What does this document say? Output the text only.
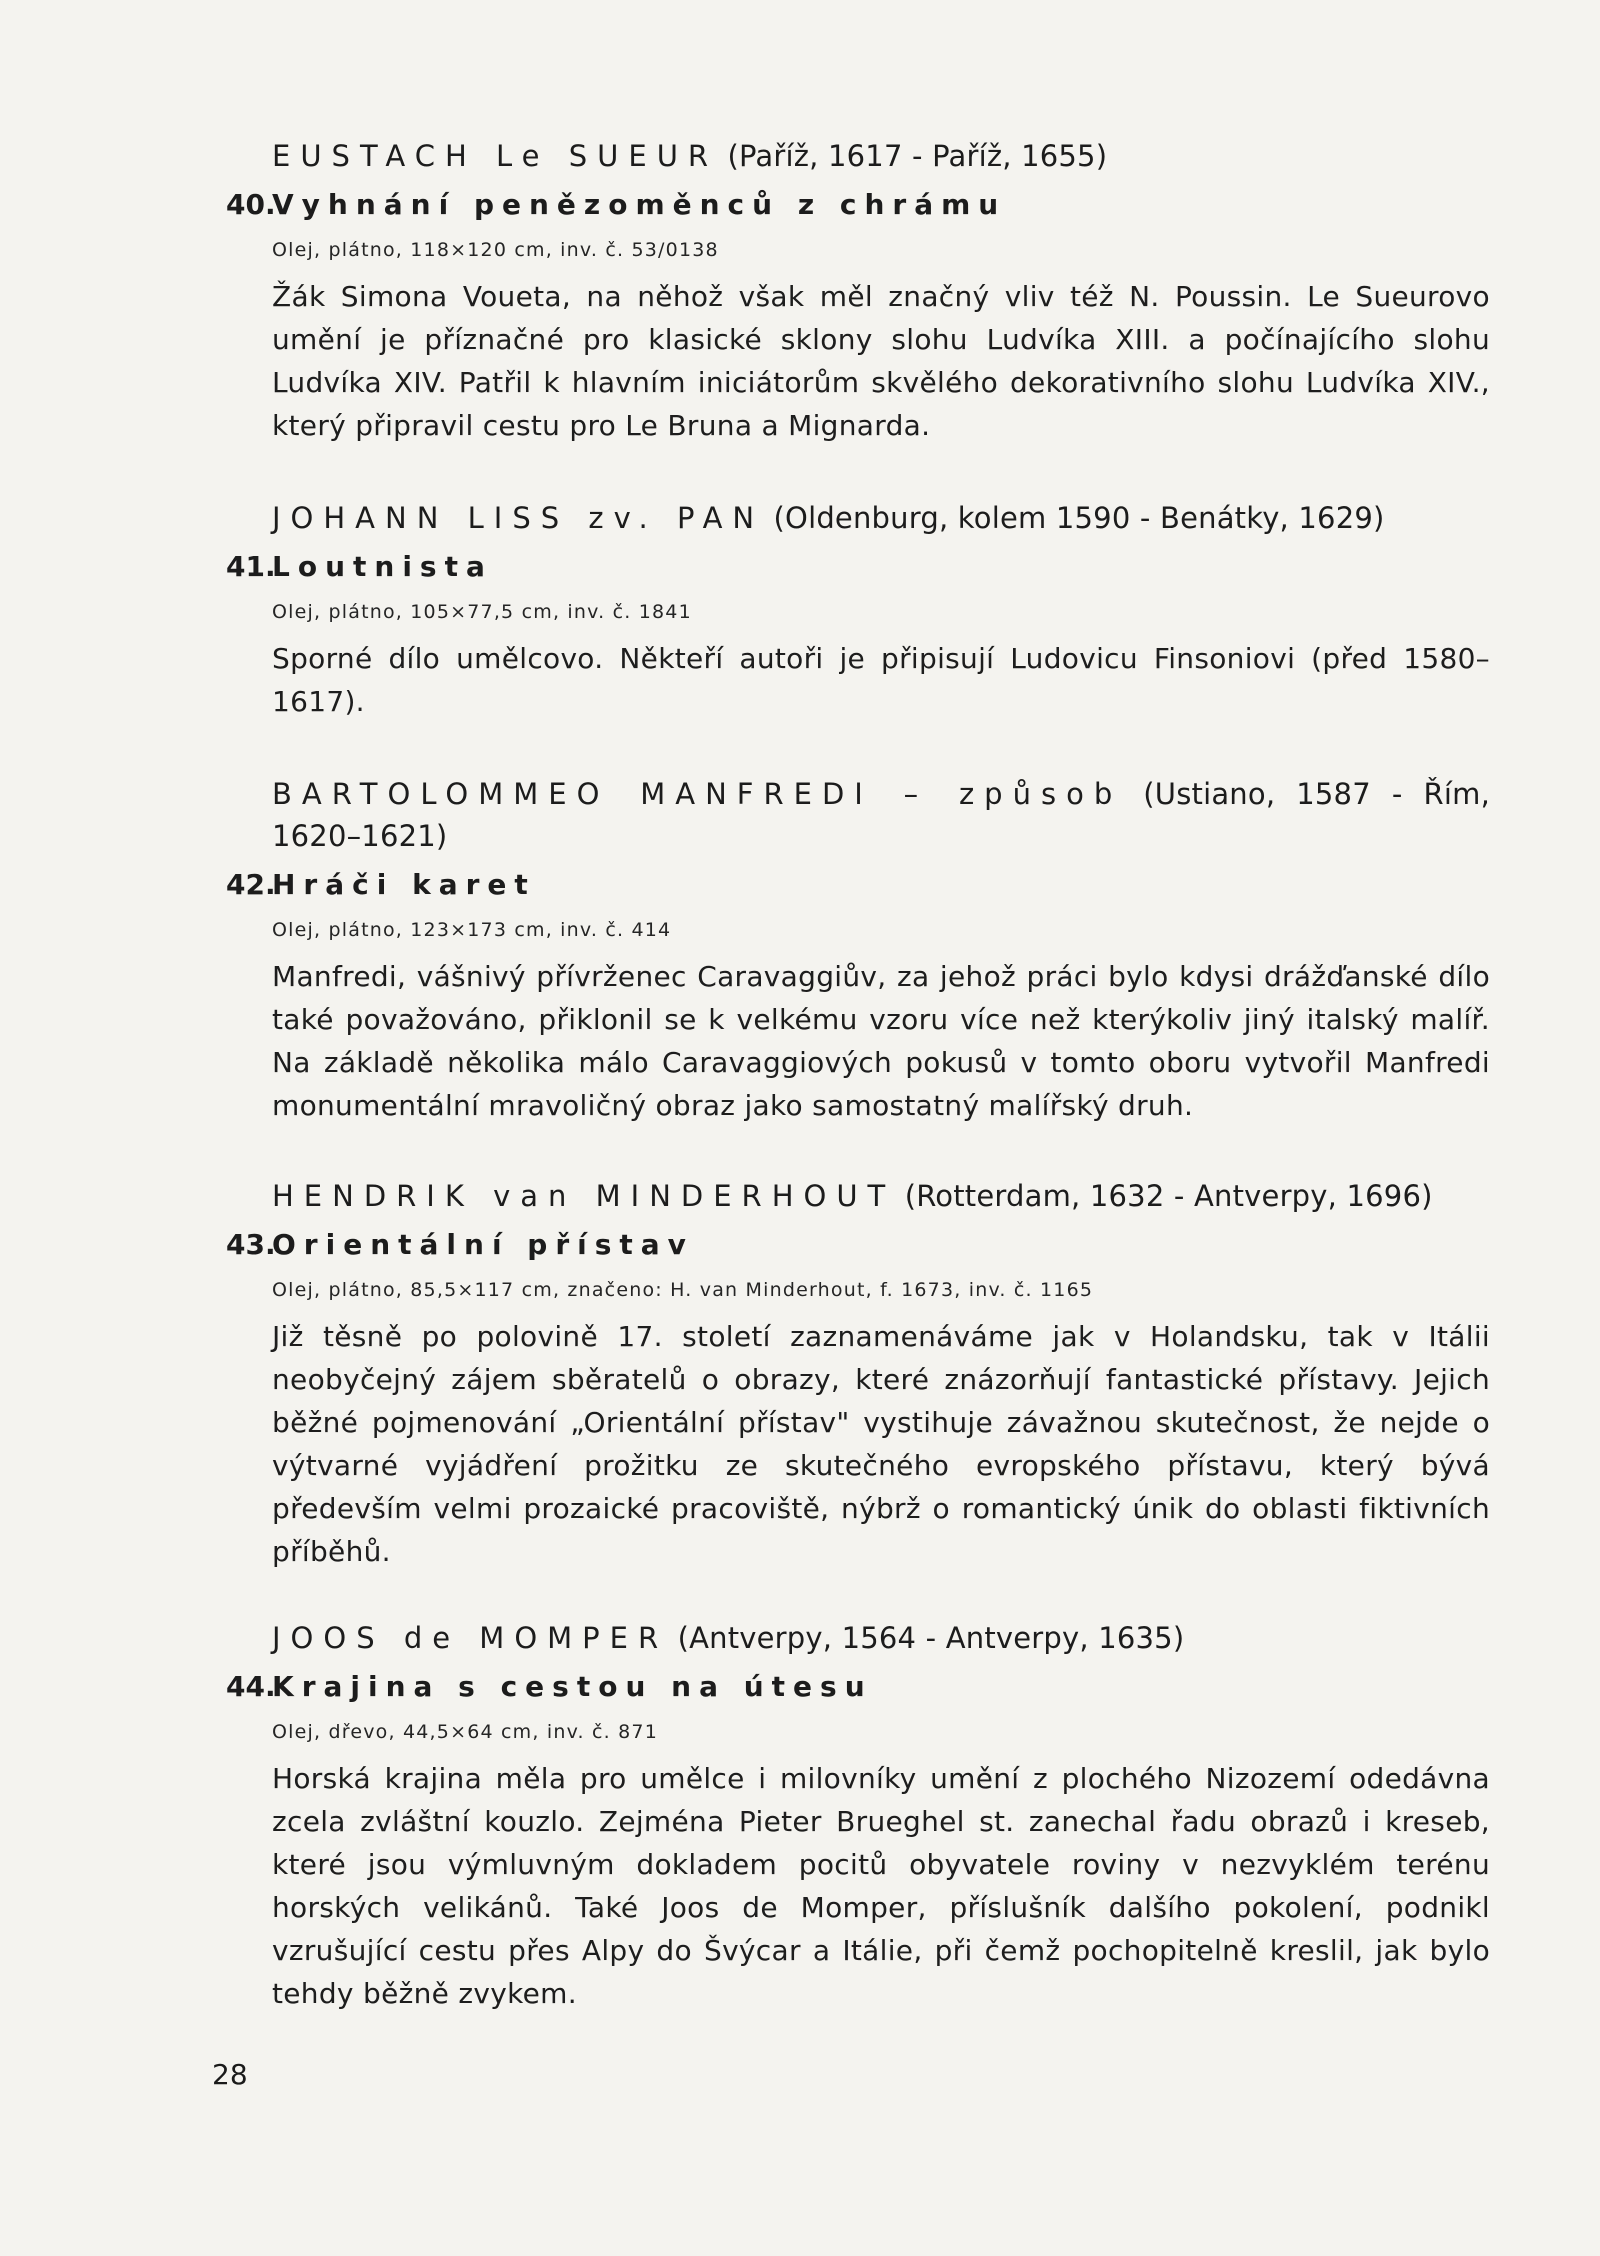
EUSTACH Le SUEUR (Paříž, 1617 - Paříž, 1655)

40.
Vyhnání penězoměnců z chrámu
Olej, plátno, 118×120 cm, inv. č. 53/0138
Žák Simona Voueta, na něhož však měl značný vliv též N. Poussin. Le Sueurovo umění je příznačné pro klasické sklony slohu Ludvíka XIII. a počínajícího slohu Ludvíka XIV. Patřil k hlavním iniciátorům skvělého dekorativního slohu Ludvíka XIV., který připravil cestu pro Le Bruna a Mignarda.

JOHANN LISS zv. PAN (Oldenburg, kolem 1590 - Benátky, 1629)

41.
Loutnista
Olej, plátno, 105×77,5 cm, inv. č. 1841
Sporné dílo umělcovo. Někteří autoři je připisují Ludovicu Finsoniovi (před 1580–1617).

BARTOLOMMEO MANFREDI – způsob (Ustiano, 1587 - Řím, 1620–1621)

42.
Hráči karet
Olej, plátno, 123×173 cm, inv. č. 414
Manfredi, vášnivý přívrženec Caravaggiův, za jehož práci bylo kdysi drážďanské dílo také považováno, přiklonil se k velkému vzoru více než kterýkoliv jiný italský malíř. Na základě několika málo Caravaggiových pokusů v tomto oboru vytvořil Manfredi monumentální mravoličný obraz jako samostatný malířský druh.

HENDRIK van MINDERHOUT (Rotterdam, 1632 - Antverpy, 1696)

43.
Orientální přístav
Olej, plátno, 85,5×117 cm, značeno: H. van Minderhout, f. 1673, inv. č. 1165
Již těsně po polovině 17. století zaznamenáváme jak v Holandsku, tak v Itálii neobyčejný zájem sběratelů o obrazy, které znázorňují fantastické přístavy. Jejich běžné pojmenování „Orientální přístav" vystihuje závažnou skutečnost, že nejde o výtvarné vyjádření prožitku ze skutečného evropského přístavu, který bývá především velmi prozaické pracoviště, nýbrž o romantický únik do oblasti fiktivních příběhů.

JOOS de MOMPER (Antverpy, 1564 - Antverpy, 1635)

44.
Krajina s cestou na útesu
Olej, dřevo, 44,5×64 cm, inv. č. 871
Horská krajina měla pro umělce i milovníky umění z plochého Nizozemí odedávna zcela zvláštní kouzlo. Zejména Pieter Brueghel st. zanechal řadu obrazů i kreseb, které jsou výmluvným dokladem pocitů obyvatele roviny v nezvyklém terénu horských velikánů. Také Joos de Momper, příslušník dalšího pokolení, podnikl vzrušující cestu přes Alpy do Švýcar a Itálie, při čemž pochopitelně kreslil, jak bylo tehdy běžně zvykem.
28
